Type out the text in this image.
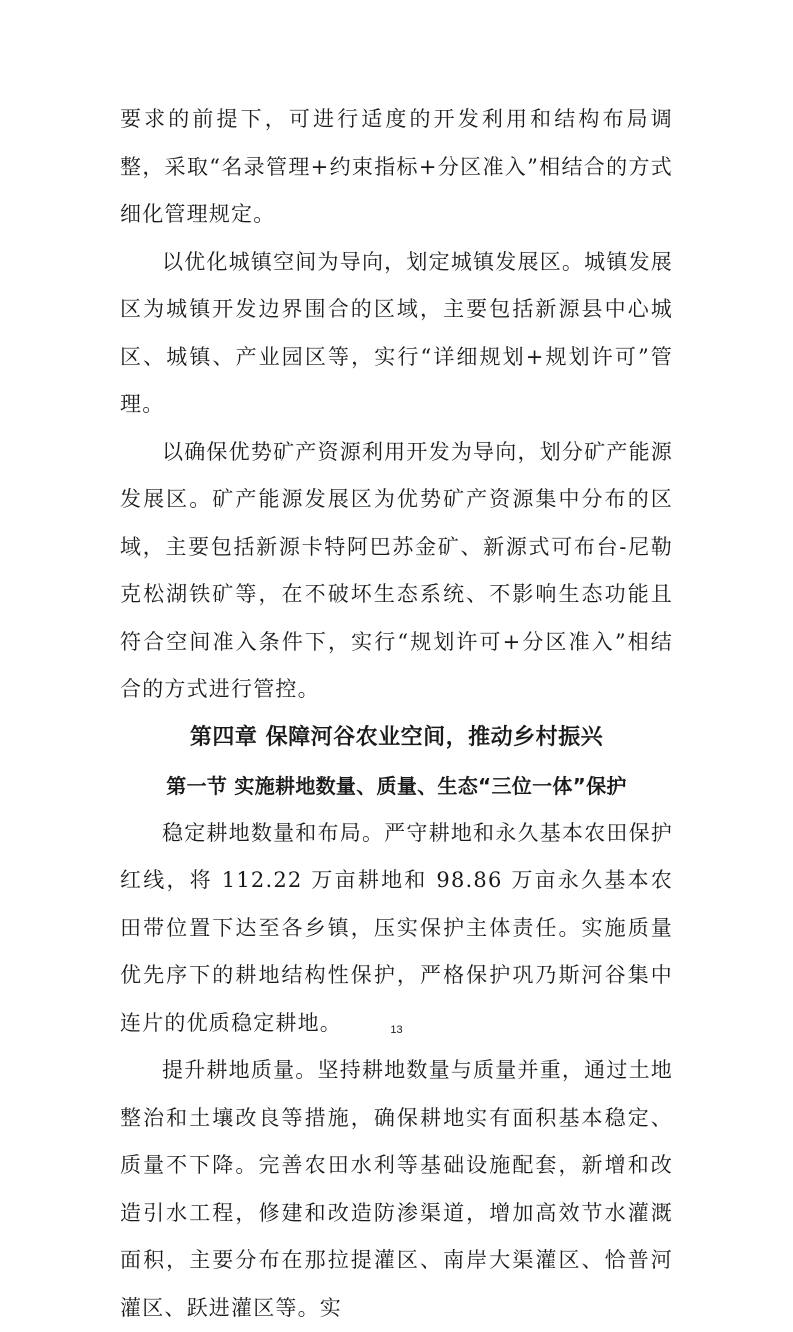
要求的前提下，可进行适度的开发利用和结构布局调整，采取“名录管理+约束指标+分区准入”相结合的方式细化管理规定。

以优化城镇空间为导向，划定城镇发展区。城镇发展区为城镇开发边界围合的区域，主要包括新源县中心城区、城镇、产业园区等，实行“详细规划+规划许可”管理。

以确保优势矿产资源利用开发为导向，划分矿产能源发展区。矿产能源发展区为优势矿产资源集中分布的区域，主要包括新源卡特阿巴苏金矿、新源式可布台-尼勒克松湖铁矿等，在不破坏生态系统、不影响生态功能且符合空间准入条件下，实行“规划许可+分区准入”相结合的方式进行管控。

第四章 保障河谷农业空间，推动乡村振兴
第一节 实施耕地数量、质量、生态“三位一体”保护

稳定耕地数量和布局。严守耕地和永久基本农田保护红线，将 112.22 万亩耕地和 98.86 万亩永久基本农田带位置下达至各乡镇，压实保护主体责任。实施质量优先序下的耕地结构性保护，严格保护巩乃斯河谷集中连片的优质稳定耕地。

提升耕地质量。坚持耕地数量与质量并重，通过土地整治和土壤改良等措施，确保耕地实有面积基本稳定、质量不下降。完善农田水利等基础设施配套，新增和改造引水工程，修建和改造防渗渠道，增加高效节水灌溉面积，主要分布在那拉提灌区、南岸大渠灌区、恰普河灌区、跃进灌区等。实

13
